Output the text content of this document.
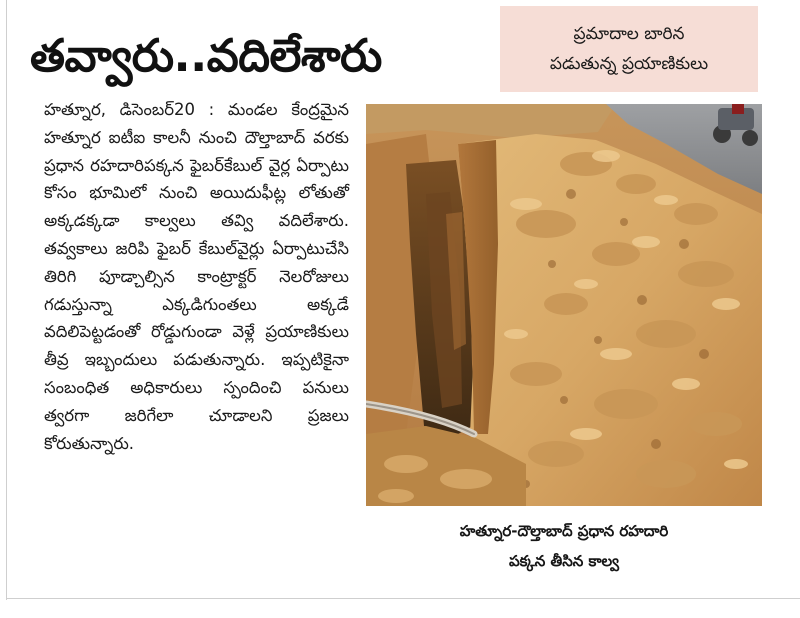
తవ్వారు..వదిలేశారు	ప్రమాదాల బారిన
పడుతున్న ప్రయాణికులు
హత్నూర, డిసెంబర్‌20 : మండల కేంద్రమైన హత్నూర ఐటీఐ కాలనీ నుంచి దౌల్తాబాద్ వరకు ప్రధాన రహదారిపక్కన ఫైబర్‌కేబుల్ వైర్ల ఏర్పాటు కోసం భూమిలో నుంచి అయిదుఫీట్ల లోతుతో అక్కడక్కడా కాల్వలు తవ్వి వదిలేశారు. తవ్వకాలు జరిపి ఫైబర్ కేబుల్‌వైర్లు ఏర్పాటుచేసి తిరిగి పూడ్చాల్సిన కాంట్రాక్టర్ నెలరోజులు గడుస్తున్నా ఎక్కడిగుంతలు అక్కడే వదిలిపెట్టడంతో రోడ్డుగుండా వెళ్లే ప్రయాణికులు తీవ్ర ఇబ్బందులు పడుతున్నారు. ఇప్పటికైనా సంబంధిత అధికారులు స్పందించి పనులు త్వరగా జరిగేలా చూడాలని ప్రజలు కోరుతున్నారు.
హత్నూర-దౌల్తాబాద్ ప్రధాన రహదారి
పక్కన తీసిన కాల్వ
